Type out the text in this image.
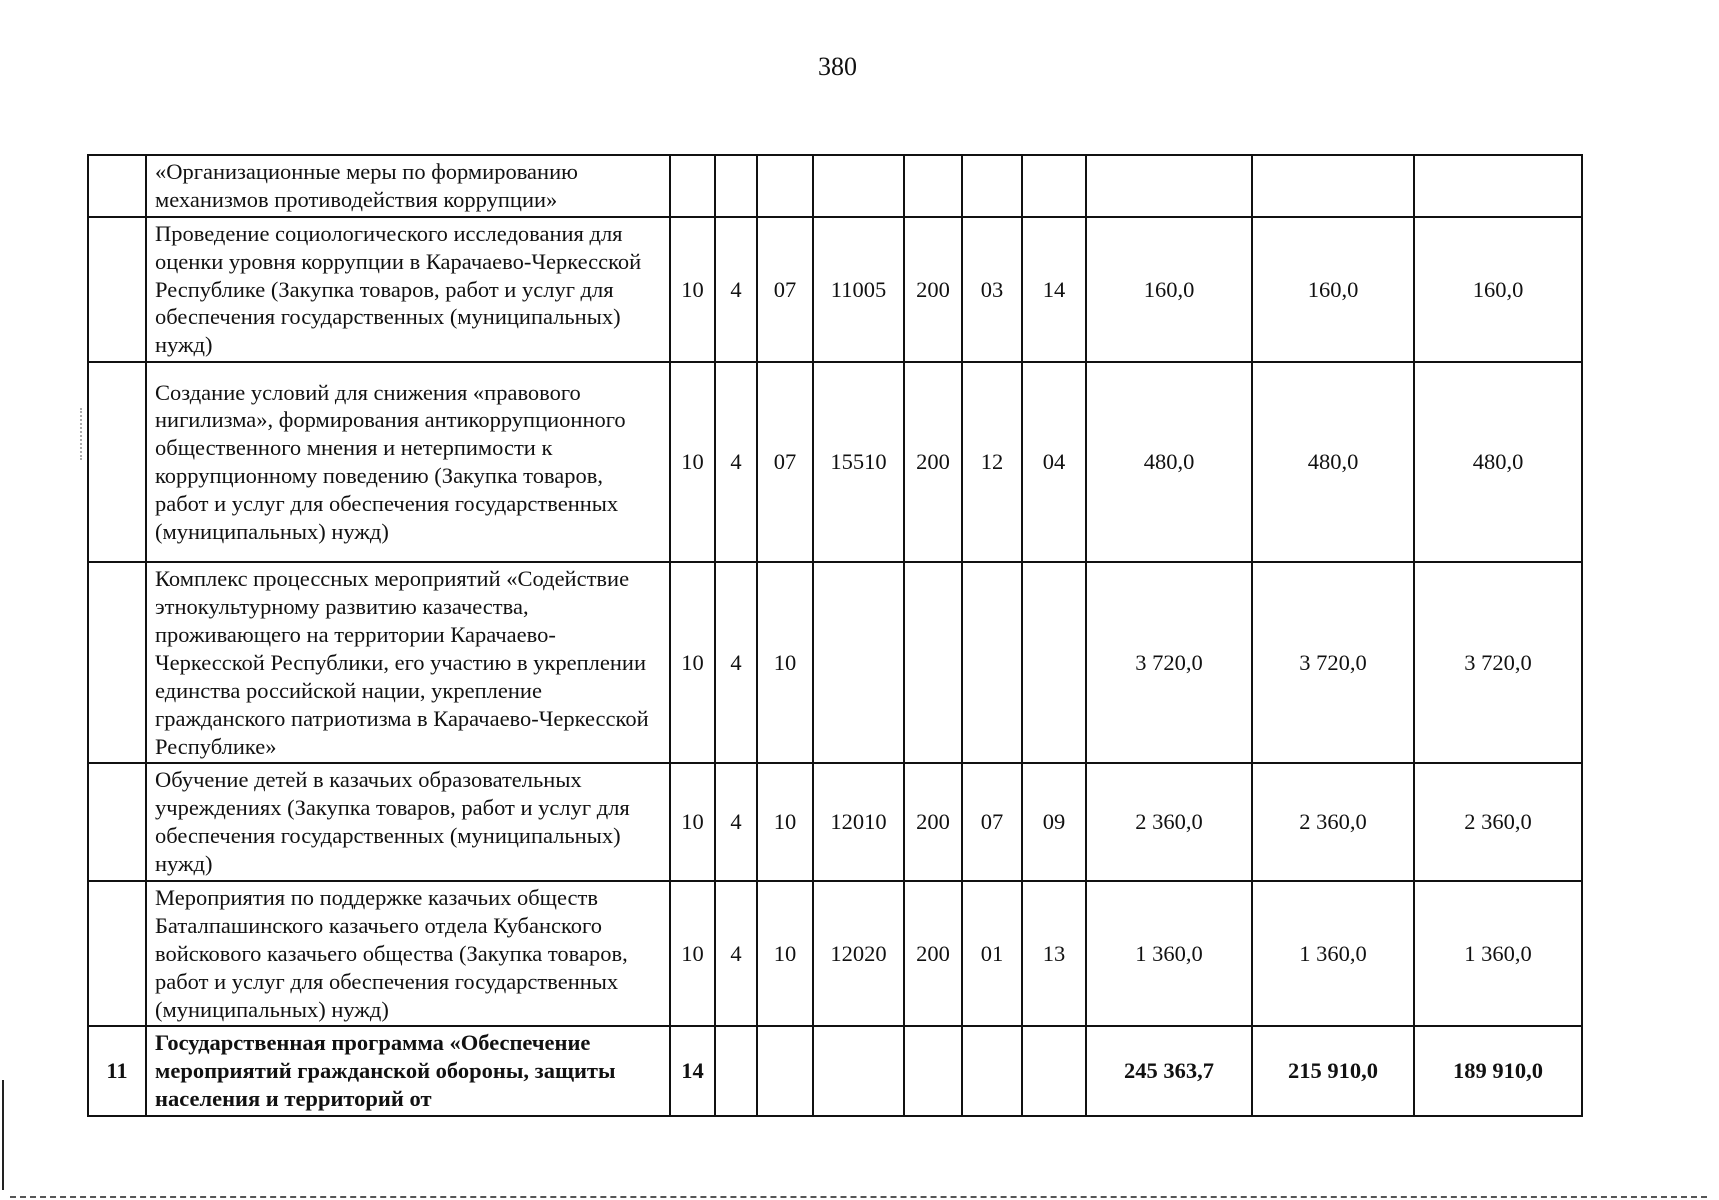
380
	«Организационные меры по формированию механизмов противодействия коррупции»										
	Проведение социологического исследования для оценки уровня коррупции в Карачаево-Черкесской Республике (Закупка товаров, работ и услуг для обеспечения государственных (муниципальных) нужд)	10	4	07	11005	200	03	14	160,0	160,0	160,0
	Создание условий для снижения «правового нигилизма», формирования антикоррупционного общественного мнения и нетерпимости к коррупционному поведению (Закупка товаров, работ и услуг для обеспечения государственных (муниципальных) нужд)	10	4	07	15510	200	12	04	480,0	480,0	480,0
	Комплекс процессных мероприятий «Содействие этнокультурному развитию казачества, проживающего на территории Карачаево-Черкесской Республики, его участию в укреплении единства российской нации, укрепление гражданского патриотизма в Карачаево-Черкесской Республике»	10	4	10					3 720,0	3 720,0	3 720,0
	Обучение детей в казачьих образовательных учреждениях (Закупка товаров, работ и услуг для обеспечения государственных (муниципальных) нужд)	10	4	10	12010	200	07	09	2 360,0	2 360,0	2 360,0
	Мероприятия по поддержке казачьих обществ Баталпашинского казачьего отдела Кубанского войскового казачьего общества (Закупка товаров, работ и услуг для обеспечения государственных (муниципальных) нужд)	10	4	10	12020	200	01	13	1 360,0	1 360,0	1 360,0
11	Государственная программа «Обеспечение мероприятий гражданской обороны, защиты населения и территорий от	14							245 363,7	215 910,0	189 910,0
